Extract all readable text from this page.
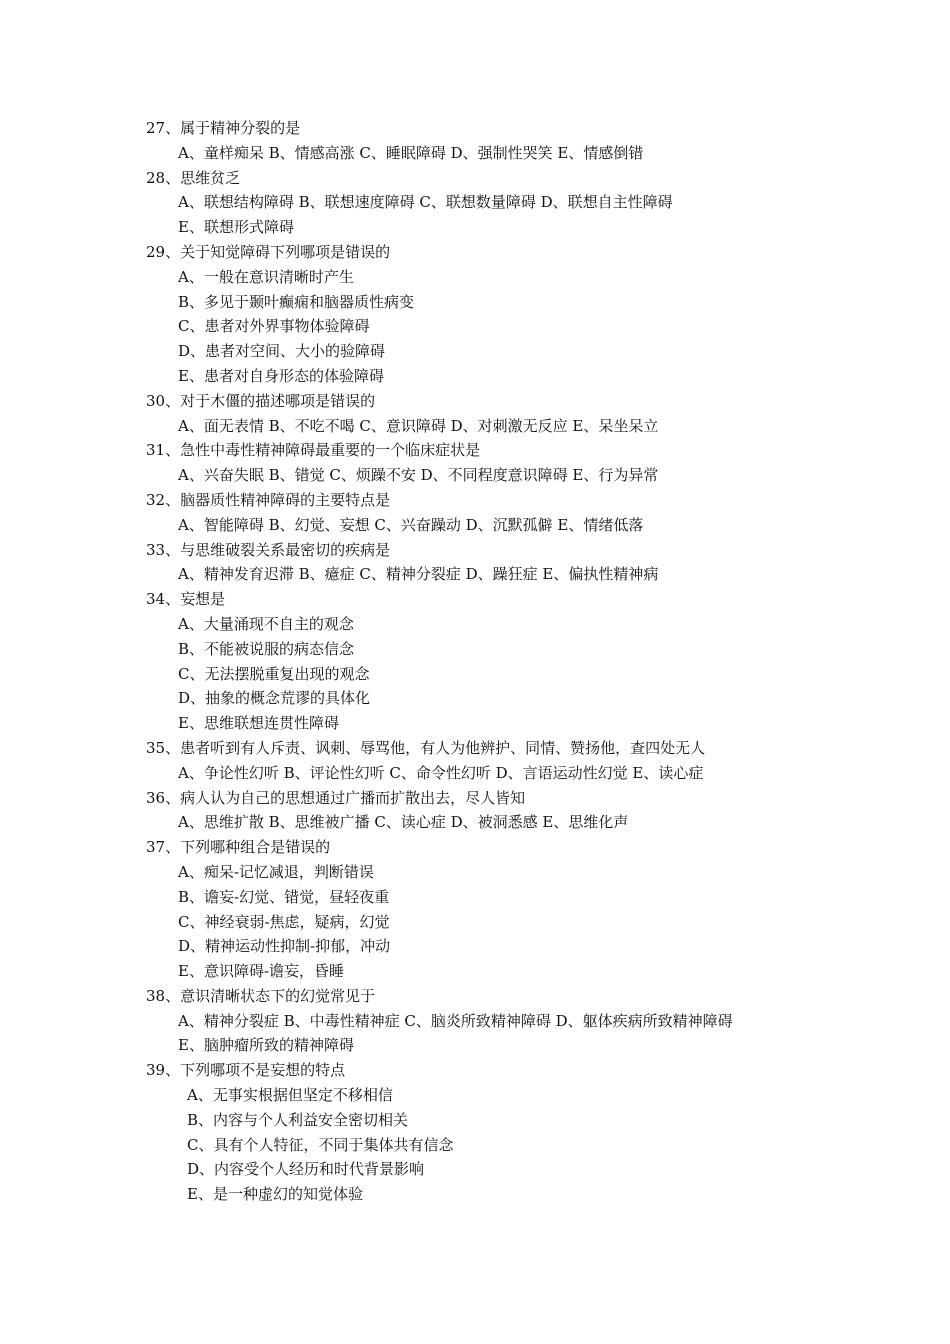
27、属于精神分裂的是
A、童样痴呆 B、情感高涨 C、睡眠障碍 D、强制性哭笑 E、情感倒错
28、思维贫乏
A、联想结构障碍 B、联想速度障碍 C、联想数量障碍 D、联想自主性障碍
E、联想形式障碍
29、关于知觉障碍下列哪项是错误的
A、一般在意识清晰时产生
B、多见于颞叶癫痫和脑器质性病变
C、患者对外界事物体验障碍
D、患者对空间、大小的验障碍
E、患者对自身形态的体验障碍
30、对于木僵的描述哪项是错误的
A、面无表情 B、不吃不喝 C、意识障碍 D、对刺激无反应 E、呆坐呆立
31、急性中毒性精神障碍最重要的一个临床症状是
A、兴奋失眠 B、错觉 C、烦躁不安 D、不同程度意识障碍 E、行为异常
32、脑器质性精神障碍的主要特点是
A、智能障碍 B、幻觉、妄想 C、兴奋躁动 D、沉默孤僻 E、情绪低落
33、与思维破裂关系最密切的疾病是
A、精神发育迟滞 B、癔症 C、精神分裂症 D、躁狂症 E、偏执性精神病
34、妄想是
A、大量涌现不自主的观念
B、不能被说服的病态信念
C、无法摆脱重复出现的观念
D、抽象的概念荒谬的具体化
E、思维联想连贯性障碍
35、患者听到有人斥责、讽刺、辱骂他，有人为他辨护、同情、赞扬他，查四处无人
A、争论性幻听 B、评论性幻听 C、命令性幻听 D、言语运动性幻觉 E、读心症
36、病人认为自己的思想通过广播而扩散出去，尽人皆知
A、思维扩散 B、思维被广播 C、读心症 D、被洞悉感 E、思维化声
37、下列哪种组合是错误的
A、痴呆-记忆减退，判断错误
B、谵妄-幻觉、错觉，昼轻夜重
C、神经衰弱-焦虑，疑病，幻觉
D、精神运动性抑制-抑郁，冲动
E、意识障碍-谵妄，昏睡
38、意识清晰状态下的幻觉常见于
A、精神分裂症 B、中毒性精神症 C、脑炎所致精神障碍 D、躯体疾病所致精神障碍
E、脑肿瘤所致的精神障碍
39、下列哪项不是妄想的特点
A、无事实根据但坚定不移相信
B、内容与个人利益安全密切相关
C、具有个人特征，不同于集体共有信念
D、内容受个人经历和时代背景影响
E、是一种虚幻的知觉体验
